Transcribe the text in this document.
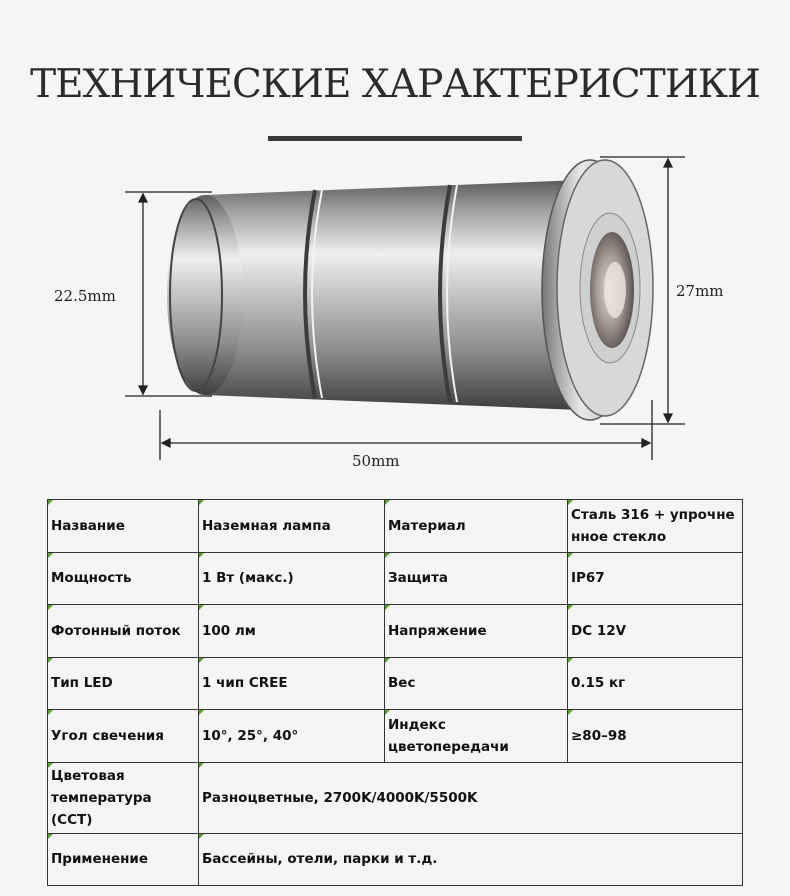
ТЕХНИЧЕСКИЕ ХАРАКТЕРИСТИКИ
22.5mm	27mm
50mm
Название	Наземная лампа	Материал	Сталь 316 + упрочненное стекло
Мощность	1 Вт (макс.)	Защита	IP67
Фотонный поток	100 лм	Напряжение	DC 12V
Тип LED	1 чип CREE	Вес	0.15 кг
Угол свечения	10°, 25°, 40°	Индекс цветопередачи	≥80–98
Цветовая температура (CCT)	Разноцветные, 2700K/4000K/5500K		
Применение	Бассейны, отели, парки и т.д.		
